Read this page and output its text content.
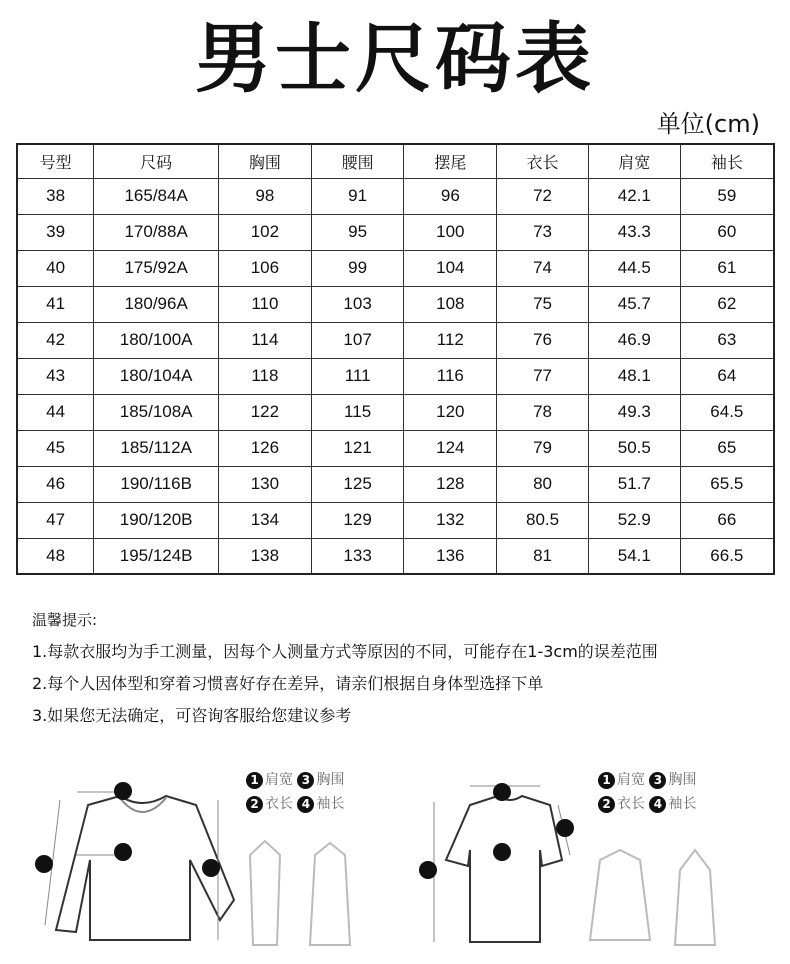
男士尺码表
单位(cm)
号型	尺码	胸围	腰围	摆尾	衣长	肩宽	袖长
38	165/84A	98	91	96	72	42.1	59
39	170/88A	102	95	100	73	43.3	60
40	175/92A	106	99	104	74	44.5	61
41	180/96A	110	103	108	75	45.7	62
42	180/100A	114	107	112	76	46.9	63
43	180/104A	118	111	116	77	48.1	64
44	185/108A	122	115	120	78	49.3	64.5
45	185/112A	126	121	124	79	50.5	65
46	190/116B	130	125	128	80	51.7	65.5
47	190/120B	134	129	132	80.5	52.9	66
48	195/124B	138	133	136	81	54.1	66.5
温馨提示:
1.每款衣服均为手工测量，因每个人测量方式等原因的不同，可能存在1-3cm的误差范围
2.每个人因体型和穿着习惯喜好存在差异，请亲们根据自身体型选择下单
3.如果您无法确定，可咨询客服给您建议参考
1 肩宽 3 胸围
2 衣长 4 袖长
1 肩宽 3 胸围
2 衣长 4 袖长
